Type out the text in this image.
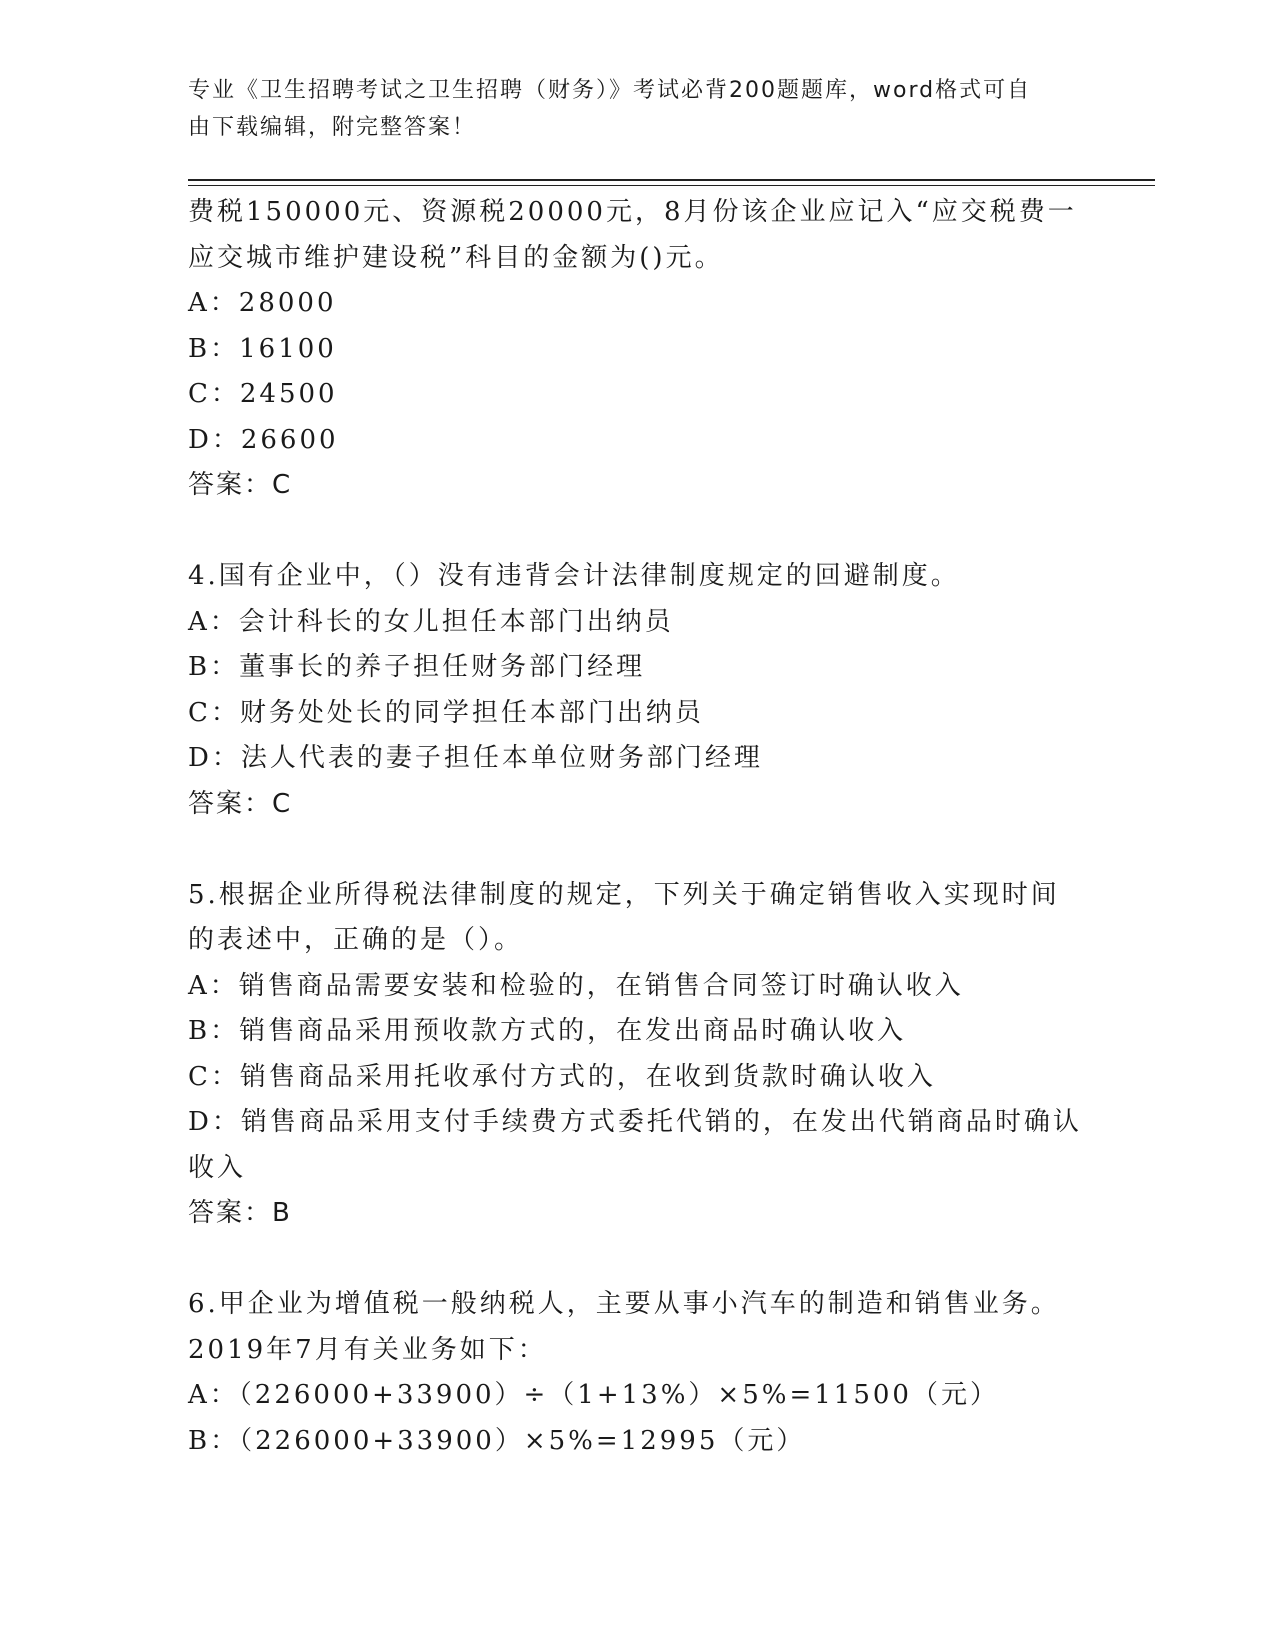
专业《卫生招聘考试之卫生招聘（财务）》考试必背200题题库，word格式可自
由下载编辑，附完整答案！
费税150000元、资源税20000元，8月份该企业应记入“应交税费一
应交城市维护建设税”科目的金额为()元。
A：28000
B：16100
C：24500
D：26600
答案：C
4.国有企业中，（）没有违背会计法律制度规定的回避制度。
A：会计科长的女儿担任本部门出纳员
B：董事长的养子担任财务部门经理
C：财务处处长的同学担任本部门出纳员
D：法人代表的妻子担任本单位财务部门经理
答案：C
5.根据企业所得税法律制度的规定，下列关于确定销售收入实现时间
的表述中，正确的是（）。
A：销售商品需要安装和检验的，在销售合同签订时确认收入
B：销售商品采用预收款方式的，在发出商品时确认收入
C：销售商品采用托收承付方式的，在收到货款时确认收入
D：销售商品采用支付手续费方式委托代销的，在发出代销商品时确认
收入
答案：B
6.甲企业为增值税一般纳税人，主要从事小汽车的制造和销售业务。
2019年7月有关业务如下：
A：（226000+33900）÷（1+13%）×5%=11500（元）
B：（226000+33900）×5%=12995（元）
